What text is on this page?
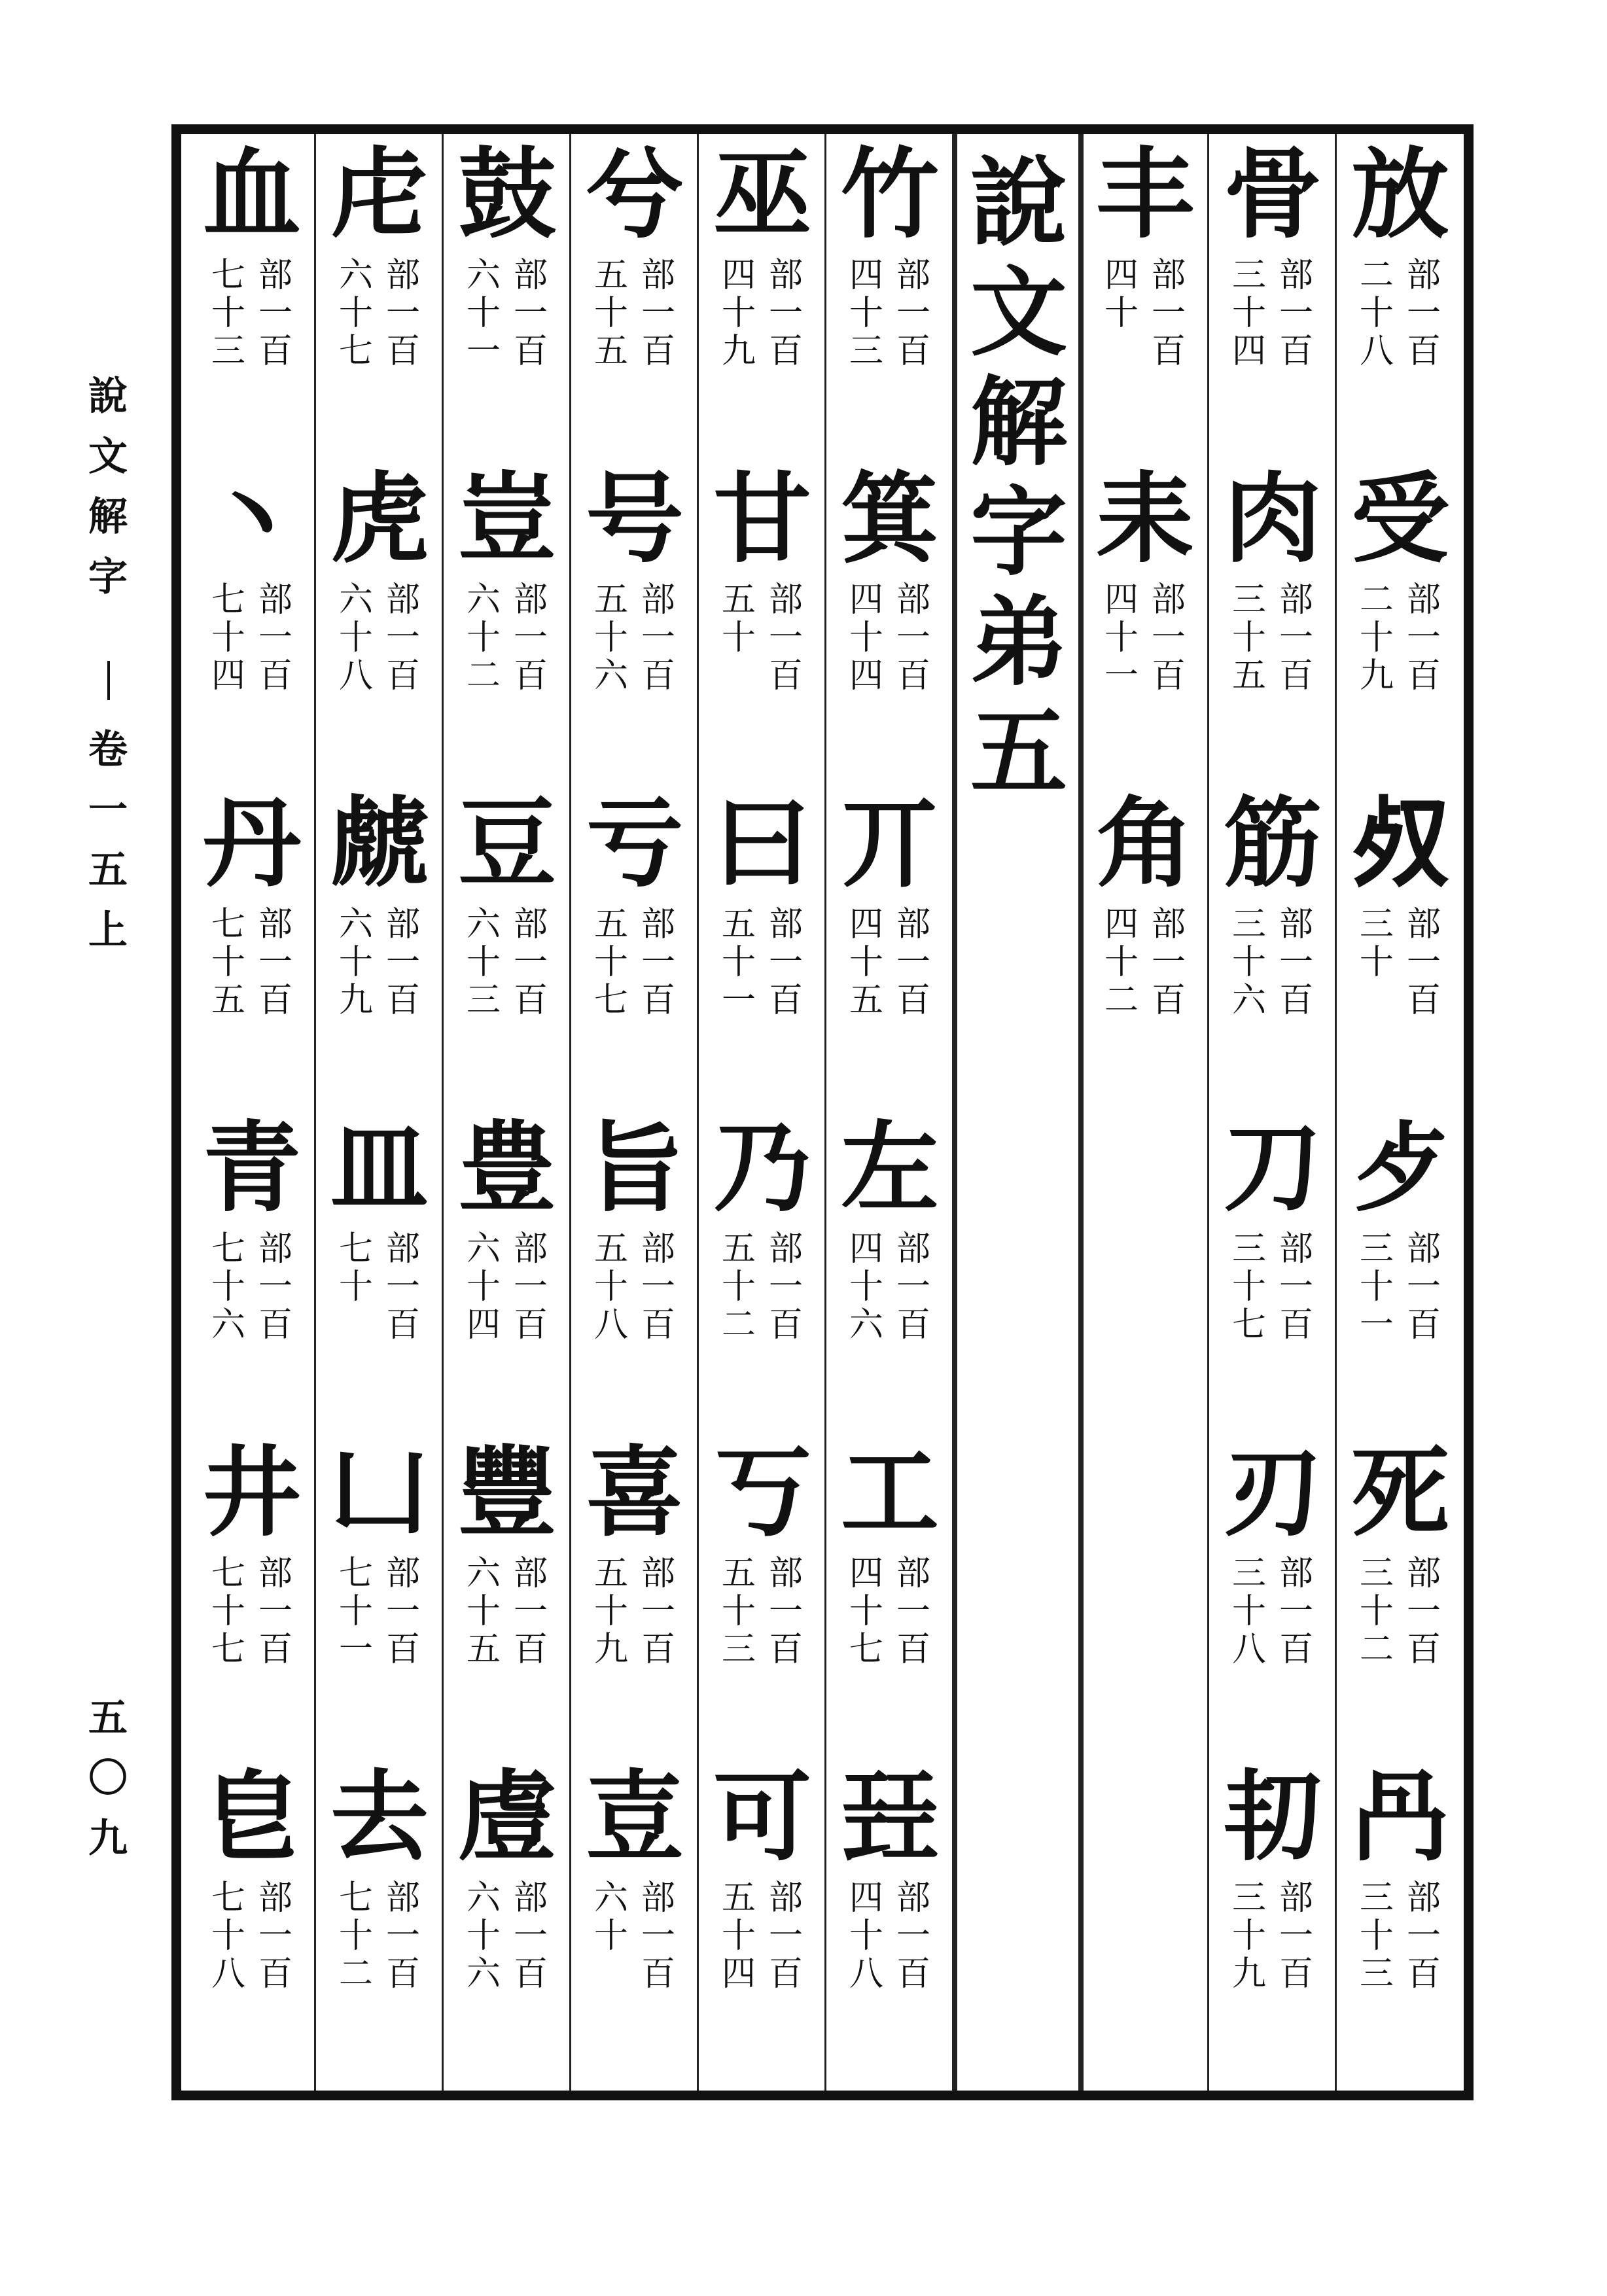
說
文
解
字
卷
一
五
上
五
〇
九
放
部
一
百
二
十
八
受
部
一
百
二
十
九
𣦼
部
一
百
三
十
歺
部
一
百
三
十
一
死
部
一
百
三
十
二
冎
部
一
百
三
十
三
骨
部
一
百
三
十
四
肉
部
一
百
三
十
五
筋
部
一
百
三
十
六
刀
部
一
百
三
十
七
刃
部
一
百
三
十
八
㓞
部
一
百
三
十
九
丰
部
一
百
四
十
耒
部
一
百
四
十
一
角
部
一
百
四
十
二
說
文
解
字
弟
五
竹
部
一
百
四
十
三
箕
部
一
百
四
十
四
丌
部
一
百
四
十
五
左
部
一
百
四
十
六
工
部
一
百
四
十
七
㠭
部
一
百
四
十
八
巫
部
一
百
四
十
九
甘
部
一
百
五
十
曰
部
一
百
五
十
一
乃
部
一
百
五
十
二
丂
部
一
百
五
十
三
可
部
一
百
五
十
四
兮
部
一
百
五
十
五
号
部
一
百
五
十
六
亏
部
一
百
五
十
七
旨
部
一
百
五
十
八
喜
部
一
百
五
十
九
壴
部
一
百
六
十
鼓
部
一
百
六
十
一
豈
部
一
百
六
十
二
豆
部
一
百
六
十
三
豊
部
一
百
六
十
四
豐
部
一
百
六
十
五
䖒
部
一
百
六
十
六
虍
部
一
百
六
十
七
虎
部
一
百
六
十
八
虤
部
一
百
六
十
九
皿
部
一
百
七
十
凵
部
一
百
七
十
一
去
部
一
百
七
十
二
血
部
一
百
七
十
三
丶
部
一
百
七
十
四
丹
部
一
百
七
十
五
青
部
一
百
七
十
六
井
部
一
百
七
十
七
皀
部
一
百
七
十
八
